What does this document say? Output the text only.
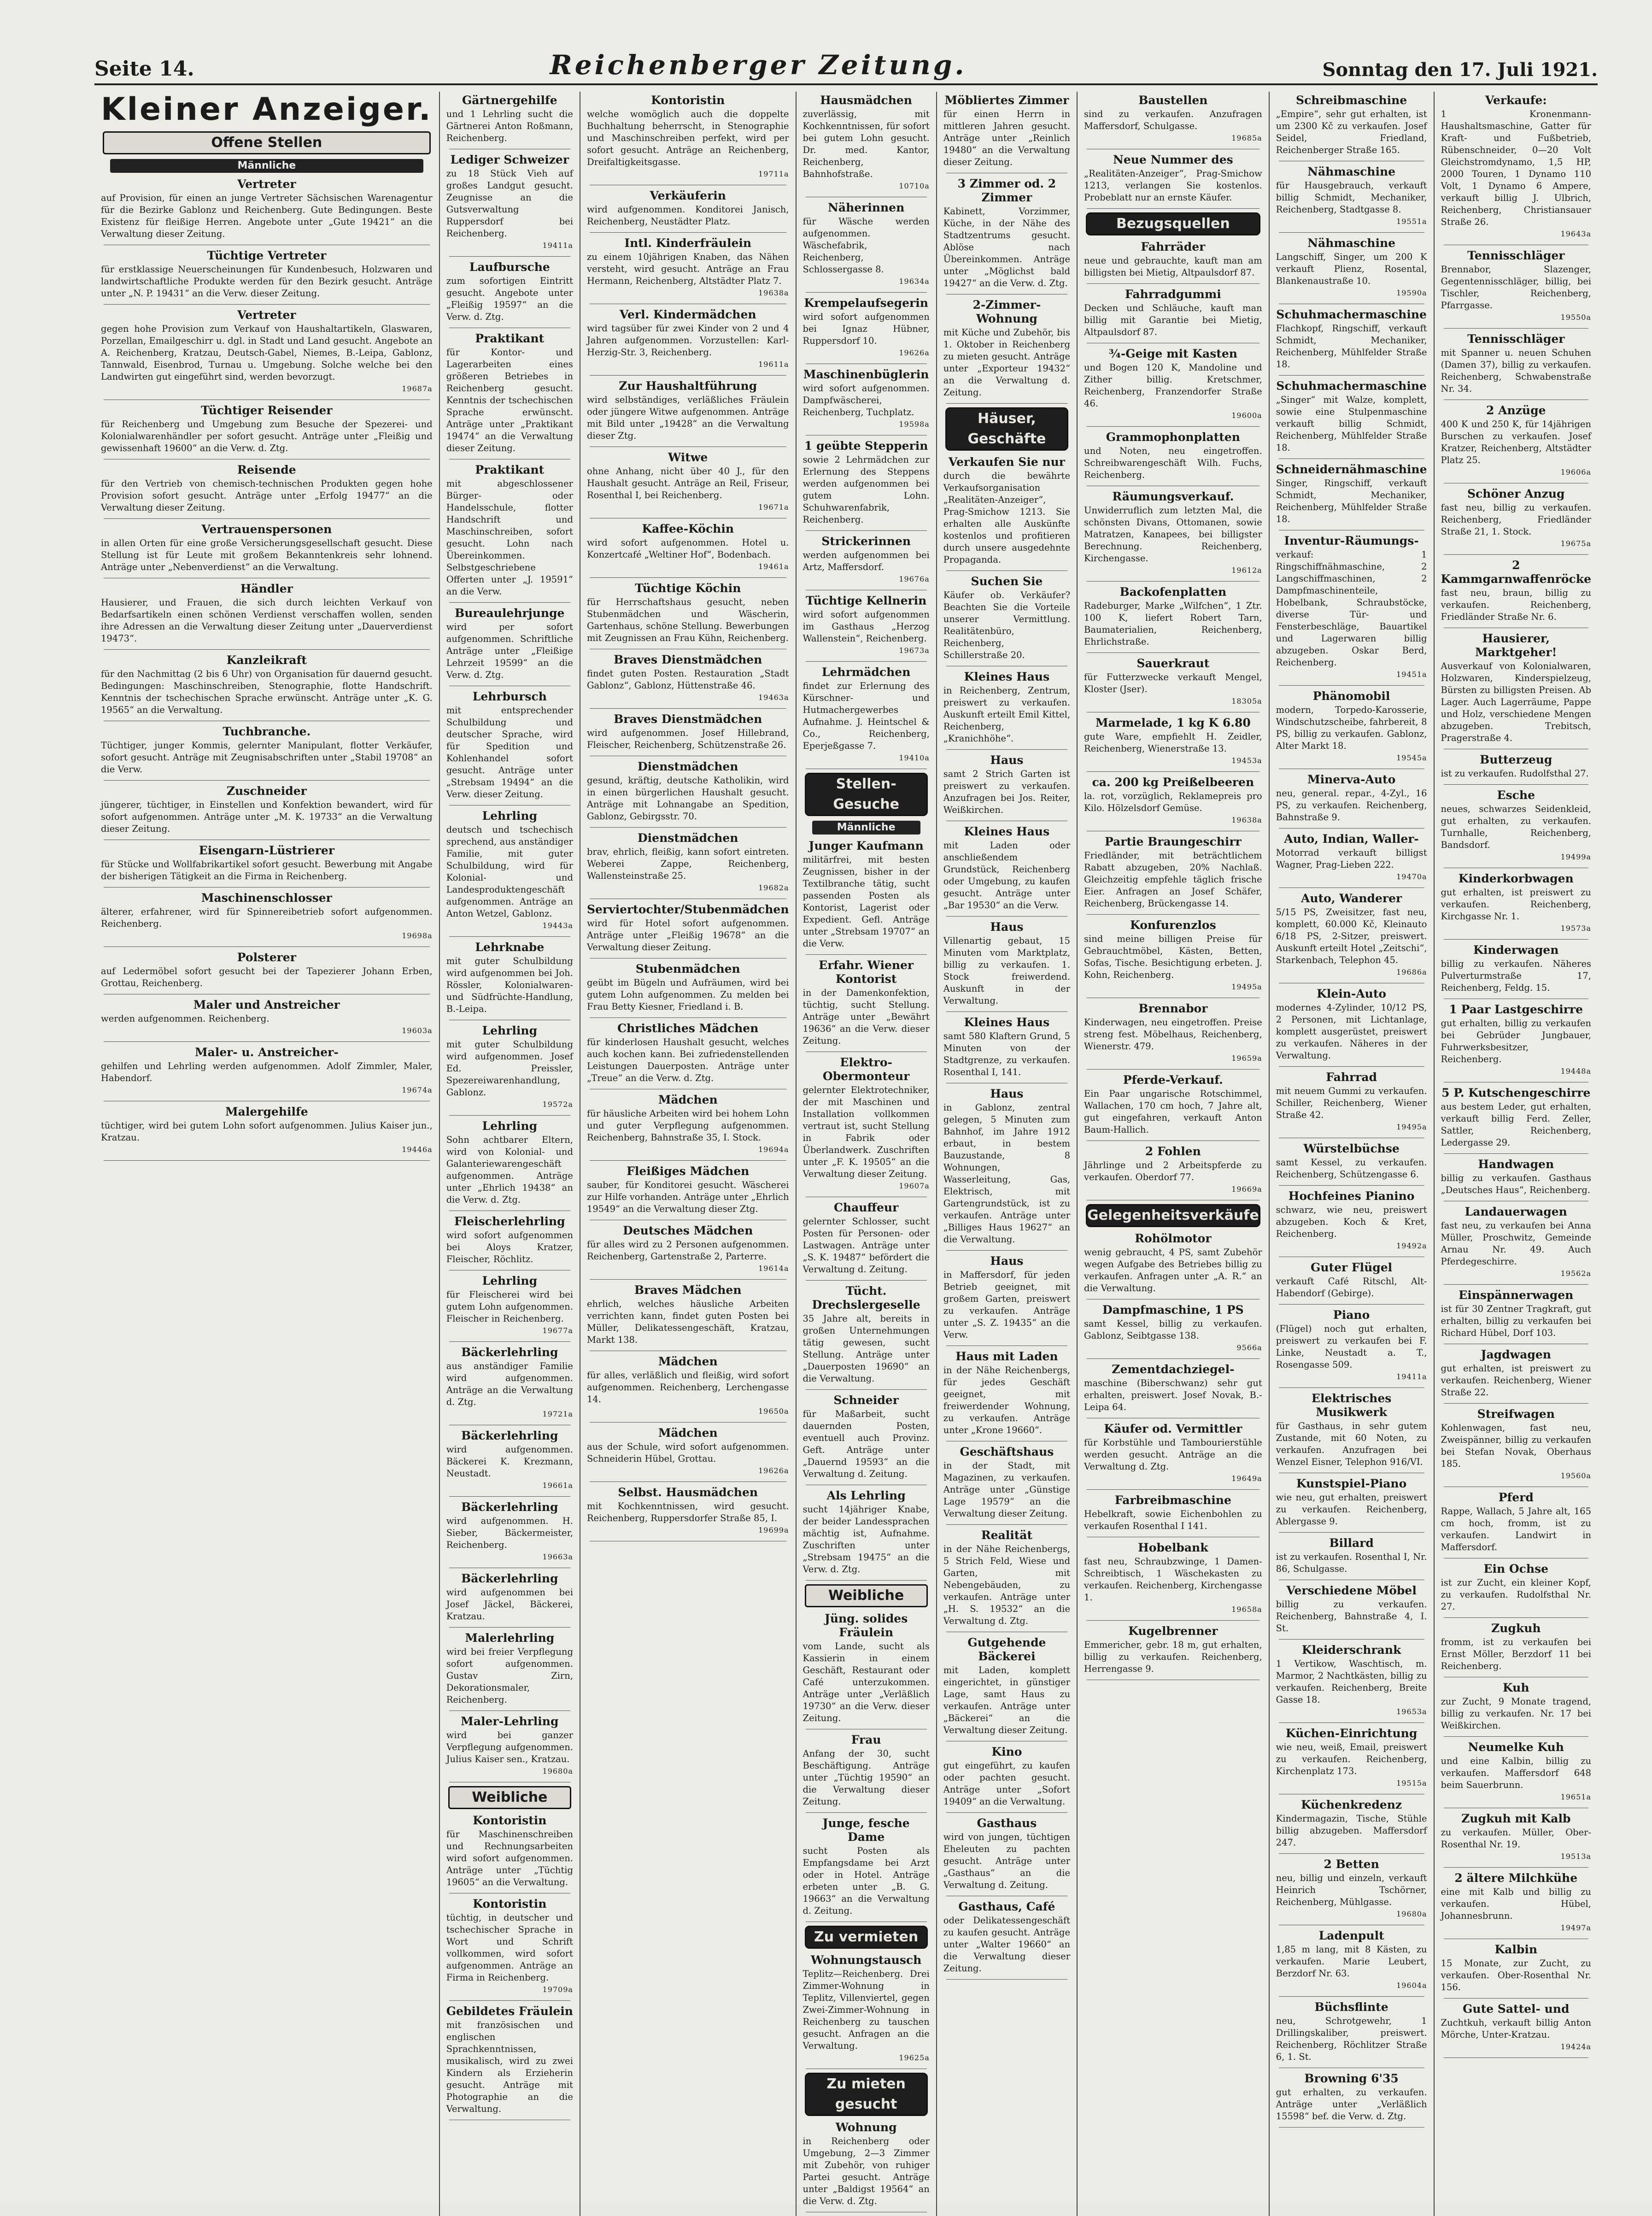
Seite 14.	Reichenberger Zeitung.	Sonntag den 17. Juli 1921.
Kleiner Anzeiger.
Offene Stellen
Männliche
Vertreter

auf Provision, für einen an junge Vertreter Sächsischen Warenagentur für die Bezirke Gablonz und Reichenberg. Gute Bedingungen. Beste Existenz für fleißige Herren. Angebote unter „Gute 19421“ an die Verwaltung dieser Zeitung.

Tüchtige Vertreter

für erstklassige Neuerscheinungen für Kundenbesuch, Holzwaren und landwirtschaftliche Produkte werden für den Bezirk gesucht. Anträge unter „N. P. 19431“ an die Verw. dieser Zeitung.

Vertreter

gegen hohe Provision zum Verkauf von Haushaltartikeln, Glaswaren, Porzellan, Emailgeschirr u. dgl. in Stadt und Land gesucht. Angebote an A. Reichenberg, Kratzau, Deutsch-Gabel, Niemes, B.-Leipa, Gablonz, Tannwald, Eisenbrod, Turnau u. Umgebung. Solche welche bei den Landwirten gut eingeführt sind, werden bevorzugt.

19687a
Tüchtiger Reisender

für Reichenberg und Umgebung zum Besuche der Spezerei- und Kolonialwarenhändler per sofort gesucht. Anträge unter „Fleißig und gewissenhaft 19600“ an die Verw. d. Ztg.

Reisende

für den Vertrieb von chemisch-technischen Produkten gegen hohe Provision sofort gesucht. Anträge unter „Erfolg 19477“ an die Verwaltung dieser Zeitung.

Vertrauenspersonen

in allen Orten für eine große Versicherungsgesellschaft gesucht. Diese Stellung ist für Leute mit großem Bekanntenkreis sehr lohnend. Anträge unter „Nebenverdienst“ an die Verwaltung.

Händler

Hausierer, und Frauen, die sich durch leichten Verkauf von Bedarfsartikeln einen schönen Verdienst verschaffen wollen, senden ihre Adressen an die Verwaltung dieser Zeitung unter „Dauerverdienst 19473“.

Kanzleikraft

für den Nachmittag (2 bis 6 Uhr) von Organisation für dauernd gesucht. Bedingungen: Maschinschreiben, Stenographie, flotte Handschrift. Kenntnis der tschechischen Sprache erwünscht. Anträge unter „K. G. 19565“ an die Verwaltung.

Tuchbranche.

Tüchtiger, junger Kommis, gelernter Manipulant, flotter Verkäufer, sofort gesucht. Anträge mit Zeugnisabschriften unter „Stabil 19708“ an die Verw.

Zuschneider

jüngerer, tüchtiger, in Einstellen und Konfektion bewandert, wird für sofort aufgenommen. Anträge unter „M. K. 19733“ an die Verwaltung dieser Zeitung.

Eisengarn-Lüstrierer

für Stücke und Wollfabrikartikel sofort gesucht. Bewerbung mit Angabe der bisherigen Tätigkeit an die Firma in Reichenberg.

Maschinenschlosser

älterer, erfahrener, wird für Spinnereibetrieb sofort aufgenommen. Reichenberg.

19698a
Polsterer

auf Ledermöbel sofort gesucht bei der Tapezierer Johann Erben, Grottau, Reichenberg.

Maler und Anstreicher

werden aufgenommen. Reichenberg.

19603a
Maler- u. Anstreicher-

gehilfen und Lehrling werden aufgenommen. Adolf Zimmler, Maler, Habendorf.

19674a
Malergehilfe

tüchtiger, wird bei gutem Lohn sofort aufgenommen. Julius Kaiser jun., Kratzau.

19446a
Gärtnergehilfe

und 1 Lehrling sucht die Gärtnerei Anton Roßmann, Reichenberg.

Lediger Schweizer

zu 18 Stück Vieh auf großes Landgut gesucht. Zeugnisse an die Gutsverwaltung Ruppersdorf bei Reichenberg.

19411a
Laufbursche

zum sofortigen Eintritt gesucht. Angebote unter „Fleißig 19597“ an die Verw. d. Ztg.

Praktikant

für Kontor- und Lagerarbeiten eines größeren Betriebes in Reichenberg gesucht. Kenntnis der tschechischen Sprache erwünscht. Anträge unter „Praktikant 19474“ an die Verwaltung dieser Zeitung.

Praktikant

mit abgeschlossener Bürger- oder Handelsschule, flotter Handschrift und Maschinschreiben, sofort gesucht. Lohn nach Übereinkommen. Selbstgeschriebene Offerten unter „J. 19591“ an die Verw.

Bureaulehrjunge

wird per sofort aufgenommen. Schriftliche Anträge unter „Fleißige Lehrzeit 19599“ an die Verw. d. Ztg.

Lehrbursch

mit entsprechender Schulbildung und deutscher Sprache, wird für Spedition und Kohlenhandel sofort gesucht. Anträge unter „Strebsam 19494“ an die Verw. dieser Zeitung.

Lehrling

deutsch und tschechisch sprechend, aus anständiger Familie, mit guter Schulbildung, wird für Kolonial- und Landesproduktengeschäft aufgenommen. Anträge an Anton Wetzel, Gablonz.

19443a
Lehrknabe

mit guter Schulbildung wird aufgenommen bei Joh. Rössler, Kolonialwaren- und Südfrüchte-Handlung, B.-Leipa.

Lehrling

mit guter Schulbildung wird aufgenommen. Josef Ed. Preissler, Spezereiwarenhandlung, Gablonz.

19572a
Lehrling

Sohn achtbarer Eltern, wird von Kolonial- und Galanteriewarengeschäft aufgenommen. Anträge unter „Ehrlich 19438“ an die Verw. d. Ztg.

Fleischerlehrling

wird sofort aufgenommen bei Aloys Kratzer, Fleischer, Röchlitz.

Lehrling

für Fleischerei wird bei gutem Lohn aufgenommen. Fleischer in Reichenberg.

19677a
Bäckerlehrling

aus anständiger Familie wird aufgenommen. Anträge an die Verwaltung d. Ztg.

19721a
Bäckerlehrling

wird aufgenommen. Bäckerei K. Krezmann, Neustadt.

19661a
Bäckerlehrling

wird aufgenommen. H. Sieber, Bäckermeister, Reichenberg.

19663a
Bäckerlehrling

wird aufgenommen bei Josef Jäckel, Bäckerei, Kratzau.

Malerlehrling

wird bei freier Verpflegung sofort aufgenommen. Gustav Zirn, Dekorationsmaler, Reichenberg.

Maler-Lehrling

wird bei ganzer Verpflegung aufgenommen. Julius Kaiser sen., Kratzau.

19680a
Weibliche
Kontoristin

für Maschinenschreiben und Rechnungsarbeiten wird sofort aufgenommen. Anträge unter „Tüchtig 19605“ an die Verwaltung.

Kontoristin

tüchtig, in deutscher und tschechischer Sprache in Wort und Schrift vollkommen, wird sofort aufgenommen. Anträge an Firma in Reichenberg.

19709a
Gebildetes Fräulein

mit französischen und englischen Sprachkenntnissen, musikalisch, wird zu zwei Kindern als Erzieherin gesucht. Anträge mit Photographie an die Verwaltung.

Kontoristin

welche womöglich auch die doppelte Buchhaltung beherrscht, in Stenographie und Maschinschreiben perfekt, wird per sofort gesucht. Anträge an Reichenberg, Dreifaltigkeitsgasse.

19711a
Verkäuferin

wird aufgenommen. Konditorei Janisch, Reichenberg, Neustädter Platz.

Intl. Kinderfräulein

zu einem 10jährigen Knaben, das Nähen versteht, wird gesucht. Anträge an Frau Hermann, Reichenberg, Altstädter Platz 7.

19638a
Verl. Kindermädchen

wird tagsüber für zwei Kinder von 2 und 4 Jahren aufgenommen. Vorzustellen: Karl-Herzig-Str. 3, Reichenberg.

19611a
Zur Haushaltführung

wird selbständiges, verläßliches Fräulein oder jüngere Witwe aufgenommen. Anträge mit Bild unter „19428“ an die Verwaltung dieser Ztg.

Witwe

ohne Anhang, nicht über 40 J., für den Haushalt gesucht. Anträge an Reil, Friseur, Rosenthal I, bei Reichenberg.

19671a
Kaffee-Köchin

wird sofort aufgenommen. Hotel u. Konzertcafé „Weltiner Hof“, Bodenbach.

19461a
Tüchtige Köchin

für Herrschaftshaus gesucht, neben Stubenmädchen und Wäscherin, Gartenhaus, schöne Stellung. Bewerbungen mit Zeugnissen an Frau Kühn, Reichenberg.

Braves Dienstmädchen

findet guten Posten. Restauration „Stadt Gablonz“, Gablonz, Hüttenstraße 46.

19463a
Braves Dienstmädchen

wird aufgenommen. Josef Hillebrand, Fleischer, Reichenberg, Schützenstraße 26.

Dienstmädchen

gesund, kräftig, deutsche Katholikin, wird in einen bürgerlichen Haushalt gesucht. Anträge mit Lohnangabe an Spedition, Gablonz, Gebirgsstr. 70.

Dienstmädchen

brav, ehrlich, fleißig, kann sofort eintreten. Weberei Zappe, Reichenberg, Wallensteinstraße 25.

19682a
Serviertochter/Stubenmädchen

wird für Hotel sofort aufgenommen. Anträge unter „Fleißig 19678“ an die Verwaltung dieser Zeitung.

Stubenmädchen

geübt im Bügeln und Aufräumen, wird bei gutem Lohn aufgenommen. Zu melden bei Frau Betty Kiesner, Friedland i. B.

Christliches Mädchen

für kinderlosen Haushalt gesucht, welches auch kochen kann. Bei zufriedenstellenden Leistungen Dauerposten. Anträge unter „Treue“ an die Verw. d. Ztg.

Mädchen

für häusliche Arbeiten wird bei hohem Lohn und guter Verpflegung aufgenommen. Reichenberg, Bahnstraße 35, I. Stock.

19694a
Fleißiges Mädchen

sauber, für Konditorei gesucht. Wäscherei zur Hilfe vorhanden. Anträge unter „Ehrlich 19549“ an die Verwaltung dieser Ztg.

Deutsches Mädchen

für alles wird zu 2 Personen aufgenommen. Reichenberg, Gartenstraße 2, Parterre.

19614a
Braves Mädchen

ehrlich, welches häusliche Arbeiten verrichten kann, findet guten Posten bei Müller, Delikatessengeschäft, Kratzau, Markt 138.

Mädchen

für alles, verläßlich und fleißig, wird sofort aufgenommen. Reichenberg, Lerchengasse 14.

19650a
Mädchen

aus der Schule, wird sofort aufgenommen. Schneiderin Hübel, Grottau.

19626a
Selbst. Hausmädchen

mit Kochkenntnissen, wird gesucht. Reichenberg, Ruppersdorfer Straße 85, I.

19699a
Hausmädchen

zuverlässig, mit Kochkenntnissen, für sofort bei gutem Lohn gesucht. Dr. med. Kantor, Reichenberg, Bahnhofstraße.

10710a
Näherinnen

für Wäsche werden aufgenommen. Wäschefabrik, Reichenberg, Schlossergasse 8.

19634a
Krempelaufsegerin

wird sofort aufgenommen bei Ignaz Hübner, Ruppersdorf 10.

19626a
Maschinenbüglerin

wird sofort aufgenommen. Dampfwäscherei, Reichenberg, Tuchplatz.

19598a
1 geübte Stepperin

sowie 2 Lehrmädchen zur Erlernung des Steppens werden aufgenommen bei gutem Lohn. Schuhwarenfabrik, Reichenberg.

Strickerinnen

werden aufgenommen bei Artz, Maffersdorf.

19676a
Tüchtige Kellnerin

wird sofort aufgenommen im Gasthaus „Herzog Wallenstein“, Reichenberg.

19673a
Lehrmädchen

findet zur Erlernung des Kürschner- und Hutmachergewerbes Aufnahme. J. Heintschel & Co., Reichenberg, Eperjeßgasse 7.

19410a
Stellen-Gesuche
Männliche
Junger Kaufmann

militärfrei, mit besten Zeugnissen, bisher in der Textilbranche tätig, sucht passenden Posten als Kontorist, Lagerist oder Expedient. Gefl. Anträge unter „Strebsam 19707“ an die Verw.

Erfahr. Wiener Kontorist

in der Damenkonfektion, tüchtig, sucht Stellung. Anträge unter „Bewährt 19636“ an die Verw. dieser Zeitung.

Elektro-Obermonteur

gelernter Elektrotechniker, der mit Maschinen und Installation vollkommen vertraut ist, sucht Stellung in Fabrik oder Überlandwerk. Zuschriften unter „F. K. 19505“ an die Verwaltung dieser Zeitung.

19607a
Chauffeur

gelernter Schlosser, sucht Posten für Personen- oder Lastwagen. Anträge unter „S. K. 19487“ befördert die Verwaltung d. Zeitung.

Tücht. Drechslergeselle

35 Jahre alt, bereits in großen Unternehmungen tätig gewesen, sucht Stellung. Anträge unter „Dauerposten 19690“ an die Verwaltung.

Schneider

für Maßarbeit, sucht dauernden Posten, eventuell auch Provinz. Geft. Anträge unter „Dauernd 19593“ an die Verwaltung d. Zeitung.

Als Lehrling

sucht 14jähriger Knabe, der beider Landessprachen mächtig ist, Aufnahme. Zuschriften unter „Strebsam 19475“ an die Verw. d. Ztg.

Weibliche
Jüng. solides Fräulein

vom Lande, sucht als Kassierin in einem Geschäft, Restaurant oder Café unterzukommen. Anträge unter „Verläßlich 19730“ an die Verw. dieser Zeitung.

Frau

Anfang der 30, sucht Beschäftigung. Anträge unter „Tüchtig 19590“ an die Verwaltung dieser Zeitung.

Junge, fesche Dame

sucht Posten als Empfangsdame bei Arzt oder in Hotel. Anträge erbeten unter „B. G. 19663“ an die Verwaltung d. Zeitung.

Zu vermieten
Wohnungstausch

Teplitz—Reichenberg. Drei Zimmer-Wohnung in Teplitz, Villenviertel, gegen Zwei-Zimmer-Wohnung in Reichenberg zu tauschen gesucht. Anfragen an die Verwaltung.

19625a
Zu mieten gesucht
Wohnung

in Reichenberg oder Umgebung, 2—3 Zimmer mit Zubehör, von ruhiger Partei gesucht. Anträge unter „Baldigst 19564“ an die Verw. d. Ztg.

Möbliertes Zimmer

für einen Herrn in mittleren Jahren gesucht. Anträge unter „Reinlich 19480“ an die Verwaltung dieser Zeitung.

3 Zimmer od. 2 Zimmer

Kabinett, Vorzimmer, Küche, in der Nähe des Stadtzentrums gesucht. Ablöse nach Übereinkommen. Anträge unter „Möglichst bald 19427“ an die Verw. d. Ztg.

2-Zimmer-Wohnung

mit Küche und Zubehör, bis 1. Oktober in Reichenberg zu mieten gesucht. Anträge unter „Exporteur 19432“ an die Verwaltung d. Zeitung.

Häuser, Geschäfte
Verkaufen Sie nur

durch die bewährte Verkaufsorganisation „Realitäten-Anzeiger“, Prag-Smichow 1213. Sie erhalten alle Auskünfte kostenlos und profitieren durch unsere ausgedehnte Propaganda.

Suchen Sie

Käufer ob. Verkäufer? Beachten Sie die Vorteile unserer Vermittlung. Realitätenbüro, Reichenberg, Schillerstraße 20.

Kleines Haus

in Reichenberg, Zentrum, preiswert zu verkaufen. Auskunft erteilt Emil Kittel, Reichenberg, „Kranichhöhe“.

Haus

samt 2 Strich Garten ist preiswert zu verkaufen. Anzufragen bei Jos. Reiter, Weißkirchen.

Kleines Haus

mit Laden oder anschließendem Grundstück, Reichenberg oder Umgebung, zu kaufen gesucht. Anträge unter „Bar 19530“ an die Verw.

Haus

Villenartig gebaut, 15 Minuten vom Marktplatz, billig zu verkaufen. 1. Stock freiwerdend. Auskunft in der Verwaltung.

Kleines Haus

samt 580 Klaftern Grund, 5 Minuten von der Stadtgrenze, zu verkaufen. Rosenthal I, 141.

Haus

in Gablonz, zentral gelegen, 5 Minuten zum Bahnhof, im Jahre 1912 erbaut, in bestem Bauzustande, 8 Wohnungen, Wasserleitung, Gas, Elektrisch, mit Gartengrundstück, ist zu verkaufen. Anträge unter „Billiges Haus 19627“ an die Verwaltung.

Haus

in Maffersdorf, für jeden Betrieb geeignet, mit großem Garten, preiswert zu verkaufen. Anträge unter „S. Z. 19435“ an die Verw.

Haus mit Laden

in der Nähe Reichenbergs, für jedes Geschäft geeignet, mit freiwerdender Wohnung, zu verkaufen. Anträge unter „Krone 19660“.

Geschäftshaus

in der Stadt, mit Magazinen, zu verkaufen. Anträge unter „Günstige Lage 19579“ an die Verwaltung dieser Zeitung.

Realität

in der Nähe Reichenbergs, 5 Strich Feld, Wiese und Garten, mit Nebengebäuden, zu verkaufen. Anträge unter „H. S. 19532“ an die Verwaltung d. Ztg.

Gutgehende Bäckerei

mit Laden, komplett eingerichtet, in günstiger Lage, samt Haus zu verkaufen. Anträge unter „Bäckerei“ an die Verwaltung dieser Zeitung.

Kino

gut eingeführt, zu kaufen oder pachten gesucht. Anträge unter „Sofort 19409“ an die Verwaltung.

Gasthaus

wird von jungen, tüchtigen Eheleuten zu pachten gesucht. Anträge unter „Gasthaus“ an die Verwaltung d. Zeitung.

Gasthaus, Café

oder Delikatessengeschäft zu kaufen gesucht. Anträge unter „Walter 19660“ an die Verwaltung dieser Zeitung.

Baustellen

sind zu verkaufen. Anzufragen Maffersdorf, Schulgasse.

19685a
Neue Nummer des

„Realitäten-Anzeiger“, Prag-Smichow 1213, verlangen Sie kostenlos. Probeblatt nur an ernste Käufer.

Bezugsquellen
Fahrräder

neue und gebrauchte, kauft man am billigsten bei Mietig, Altpaulsdorf 87.

Fahrradgummi

Decken und Schläuche, kauft man billig mit Garantie bei Mietig, Altpaulsdorf 87.

¾-Geige mit Kasten

und Bogen 120 K, Mandoline und Zither billig. Kretschmer, Reichenberg, Franzendorfer Straße 46.

19600a
Grammophonplatten

und Noten, neu eingetroffen. Schreibwarengeschäft Wilh. Fuchs, Reichenberg.

Räumungsverkauf.

Unwiderruflich zum letzten Mal, die schönsten Divans, Ottomanen, sowie Matratzen, Kanapees, bei billigster Berechnung. Reichenberg, Kirchengasse.

19612a
Backofenplatten

Radeburger, Marke „Wilfchen“, 1 Ztr. 100 K, liefert Robert Tarn, Baumaterialien, Reichenberg, Ehrlichstraße.

Sauerkraut

für Futterzwecke verkauft Mengel, Kloster (Jser).

18305a
Marmelade, 1 kg K 6.80

gute Ware, empfiehlt H. Zeidler, Reichenberg, Wienerstraße 13.

19453a
ca. 200 kg Preißelbeeren

la. rot, vorzüglich, Reklamepreis pro Kilo. Hölzelsdorf Gemüse.

19638a
Partie Braungeschirr

Friedländer, mit beträchtlichem Rabatt abzugeben, 20% Nachlaß. Gleichzeitig empfehle täglich frische Eier. Anfragen an Josef Schäfer, Reichenberg, Brückengasse 14.

Konfurenzlos

sind meine billigen Preise für Gebrauchtmöbel, Kästen, Betten, Sofas, Tische. Besichtigung erbeten. J. Kohn, Reichenberg.

19495a
Brennabor

Kinderwagen, neu eingetroffen. Preise streng fest. Möbelhaus, Reichenberg, Wienerstr. 479.

19659a
Pferde-Verkauf.

Ein Paar ungarische Rotschimmel, Wallachen, 170 cm hoch, 7 Jahre alt, gut eingefahren, verkauft Anton Baum-Hallich.

2 Fohlen

Jährlinge und 2 Arbeitspferde zu verkaufen. Oberdorf 77.

19669a
Gelegenheitsverkäufe
Rohölmotor

wenig gebraucht, 4 PS, samt Zubehör wegen Aufgabe des Betriebes billig zu verkaufen. Anfragen unter „A. R.“ an die Verwaltung.

Dampfmaschine, 1 PS

samt Kessel, billig zu verkaufen. Gablonz, Seibtgasse 138.

9566a
Zementdachziegel-

maschine (Biberschwanz) sehr gut erhalten, preiswert. Josef Novak, B.-Leipa 64.

Käufer od. Vermittler

für Korbstühle und Tambourierstühle werden gesucht. Anträge an die Verwaltung d. Ztg.

19649a
Farbreibmaschine

Hebelkraft, sowie Eichenbohlen zu verkaufen Rosenthal I 141.

Hobelbank

fast neu, Schraubzwinge, 1 Damen-Schreibtisch, 1 Wäschekasten zu verkaufen. Reichenberg, Kirchengasse 1.

19658a
Kugelbrenner

Emmericher, gebr. 18 m, gut erhalten, billig zu verkaufen. Reichenberg, Herrengasse 9.

Schreibmaschine

„Empire“, sehr gut erhalten, ist um 2300 Kč zu verkaufen. Josef Seidel, Friedland, Reichenberger Straße 165.

Nähmaschine

für Hausgebrauch, verkauft billig Schmidt, Mechaniker, Reichenberg, Stadtgasse 8.

19551a
Nähmaschine

Langschiff, Singer, um 200 K verkauft Plienz, Rosental, Blankenaustraße 10.

19590a
Schuhmachermaschine

Flachkopf, Ringschiff, verkauft Schmidt, Mechaniker, Reichenberg, Mühlfelder Straße 18.

Schuhmachermaschine

„Singer“ mit Walze, komplett, sowie eine Stulpenmaschine verkauft billig Schmidt, Reichenberg, Mühlfelder Straße 18.

Schneidernähmaschine

Singer, Ringschiff, verkauft Schmidt, Mechaniker, Reichenberg, Mühlfelder Straße 18.

Inventur-Räumungs-

verkauf: 1 Ringschiffnähmaschine, 2 Langschiffmaschinen, 2 Dampfmaschinenteile, Hobelbank, Schraubstöcke, diverse Tür- und Fensterbeschläge, Bauartikel und Lagerwaren billig abzugeben. Oskar Berd, Reichenberg.

19451a
Phänomobil

modern, Torpedo-Karosserie, Windschutzscheibe, fahrbereit, 8 PS, billig zu verkaufen. Gablonz, Alter Markt 18.

19545a
Minerva-Auto

neu, general. repar., 4-Zyl., 16 PS, zu verkaufen. Reichenberg, Bahnstraße 9.

Auto, Indian, Waller-

Motorrad verkauft billigst Wagner, Prag-Lieben 222.

19470a
Auto, Wanderer

5/15 PS, Zweisitzer, fast neu, komplett, 60.000 Kč, Kleinauto 6/18 PS, 2-Sitzer, preiswert. Auskunft erteilt Hotel „Zeitschi“, Starkenbach, Telephon 45.

19686a
Klein-Auto

modernes 4-Zylinder, 10/12 PS, 2 Personen, mit Lichtanlage, komplett ausgerüstet, preiswert zu verkaufen. Näheres in der Verwaltung.

Fahrrad

mit neuem Gummi zu verkaufen. Schiller, Reichenberg, Wiener Straße 42.

19495a
Würstelbüchse

samt Kessel, zu verkaufen. Reichenberg, Schützengasse 6.

Hochfeines Pianino

schwarz, wie neu, preiswert abzugeben. Koch & Kret, Reichenberg.

19492a
Guter Flügel

verkauft Café Ritschl, Alt-Habendorf (Gebirge).

Piano

(Flügel) noch gut erhalten, preiswert zu verkaufen bei F. Linke, Neustadt a. T., Rosengasse 509.

19411a
Elektrisches Musikwerk

für Gasthaus, in sehr gutem Zustande, mit 60 Noten, zu verkaufen. Anzufragen bei Wenzel Eisner, Telephon 916/VI.

Kunstspiel-Piano

wie neu, gut erhalten, preiswert zu verkaufen. Reichenberg, Ablergasse 9.

Billard

ist zu verkaufen. Rosenthal I, Nr. 86, Schulgasse.

Verschiedene Möbel

billig zu verkaufen. Reichenberg, Bahnstraße 4, I. St.

Kleiderschrank

1 Vertikow, Waschtisch, m. Marmor, 2 Nachtkästen, billig zu verkaufen. Reichenberg, Breite Gasse 18.

19653a
Küchen-Einrichtung

wie neu, weiß, Email, preiswert zu verkaufen. Reichenberg, Kirchenplatz 173.

19515a
Küchenkredenz

Kindermagazin, Tische, Stühle billig abzugeben. Maffersdorf 247.

2 Betten

neu, billig und einzeln, verkauft Heinrich Tschörner, Reichenberg, Mühlgasse.

19680a
Ladenpult

1,85 m lang, mit 8 Kästen, zu verkaufen. Marie Leubert, Berzdorf Nr. 63.

19604a
Büchsflinte

neu, Schrotgewehr, 1 Drillingskaliber, preiswert. Reichenberg, Röchlitzer Straße 6, 1. St.

Browning 6'35

gut erhalten, zu verkaufen. Anträge unter „Verläßlich 15598“ bef. die Verw. d. Ztg.

Verkaufe:

1 Kronenmann-Haushaltsmaschine, Gatter für Kraft- und Fußbetrieb, Rübenschneider, 0—20 Volt Gleichstromdynamo, 1,5 HP, 2000 Touren, 1 Dynamo 110 Volt, 1 Dynamo 6 Ampere, verkauft billig J. Ulbrich, Reichenberg, Christiansauer Straße 26.

19643a
Tennisschläger

Brennabor, Slazenger, Gegentennisschläger, billig, bei Tischler, Reichenberg, Pfarrgasse.

19550a
Tennisschläger

mit Spanner u. neuen Schuhen (Damen 37), billig zu verkaufen. Reichenberg, Schwabenstraße Nr. 34.

2 Anzüge

400 K und 250 K, für 14jährigen Burschen zu verkaufen. Josef Kratzer, Reichenberg, Altstädter Platz 25.

19606a
Schöner Anzug

fast neu, billig zu verkaufen. Reichenberg, Friedländer Straße 21, 1. Stock.

19675a
2 Kammgarnwaffenröcke

fast neu, braun, billig zu verkaufen. Reichenberg, Friedländer Straße Nr. 6.

Hausierer, Marktgeher!

Ausverkauf von Kolonialwaren, Holzwaren, Kinderspielzeug, Bürsten zu billigsten Preisen. Ab Lager. Auch Lagerräume, Pappe und Holz, verschiedene Mengen abzugeben. Trebitsch, Pragerstraße 4.

Butterzeug

ist zu verkaufen. Rudolfsthal 27.

Esche

neues, schwarzes Seidenkleid, gut erhalten, zu verkaufen. Turnhalle, Reichenberg, Bandsdorf.

19499a
Kinderkorbwagen

gut erhalten, ist preiswert zu verkaufen. Reichenberg, Kirchgasse Nr. 1.

19573a
Kinderwagen

billig zu verkaufen. Näheres Pulverturmstraße 17, Reichenberg, Feldg. 15.

1 Paar Lastgeschirre

gut erhalten, billig zu verkaufen bei Gebrüder Jungbauer, Fuhrwerksbesitzer, Reichenberg.

19448a
5 P. Kutschengeschirre

aus bestem Leder, gut erhalten, verkauft billig Ferd. Zeller, Sattler, Reichenberg, Ledergasse 29.

Handwagen

billig zu verkaufen. Gasthaus „Deutsches Haus“, Reichenberg.

Landauerwagen

fast neu, zu verkaufen bei Anna Müller, Proschwitz, Gemeinde Arnau Nr. 49. Auch Pferdegeschirre.

19562a
Einspännerwagen

ist für 30 Zentner Tragkraft, gut erhalten, billig zu verkaufen bei Richard Hübel, Dorf 103.

Jagdwagen

gut erhalten, ist preiswert zu verkaufen. Reichenberg, Wiener Straße 22.

Streifwagen

Kohlenwagen, fast neu, Zweispänner, billig zu verkaufen bei Stefan Novak, Oberhaus 185.

19560a
Pferd

Rappe, Wallach, 5 Jahre alt, 165 cm hoch, fromm, ist zu verkaufen. Landwirt in Maffersdorf.

Ein Ochse

ist zur Zucht, ein kleiner Kopf, zu verkaufen. Rudolfsthal Nr. 27.

Zugkuh

fromm, ist zu verkaufen bei Ernst Möller, Berzdorf 11 bei Reichenberg.

Kuh

zur Zucht, 9 Monate tragend, billig zu verkaufen. Nr. 17 bei Weißkirchen.

Neumelke Kuh

und eine Kalbin, billig zu verkaufen. Maffersdorf 648 beim Sauerbrunn.

19651a
Zugkuh mit Kalb

zu verkaufen. Müller, Ober-Rosenthal Nr. 19.

19513a
2 ältere Milchkühe

eine mit Kalb und billig zu verkaufen. Hübel, Johannesbrunn.

19497a
Kalbin

15 Monate, zur Zucht, zu verkaufen. Ober-Rosenthal Nr. 156.

Gute Sattel- und

Zuchtkuh, verkauft billig Anton Mörche, Unter-Kratzau.

19424a
